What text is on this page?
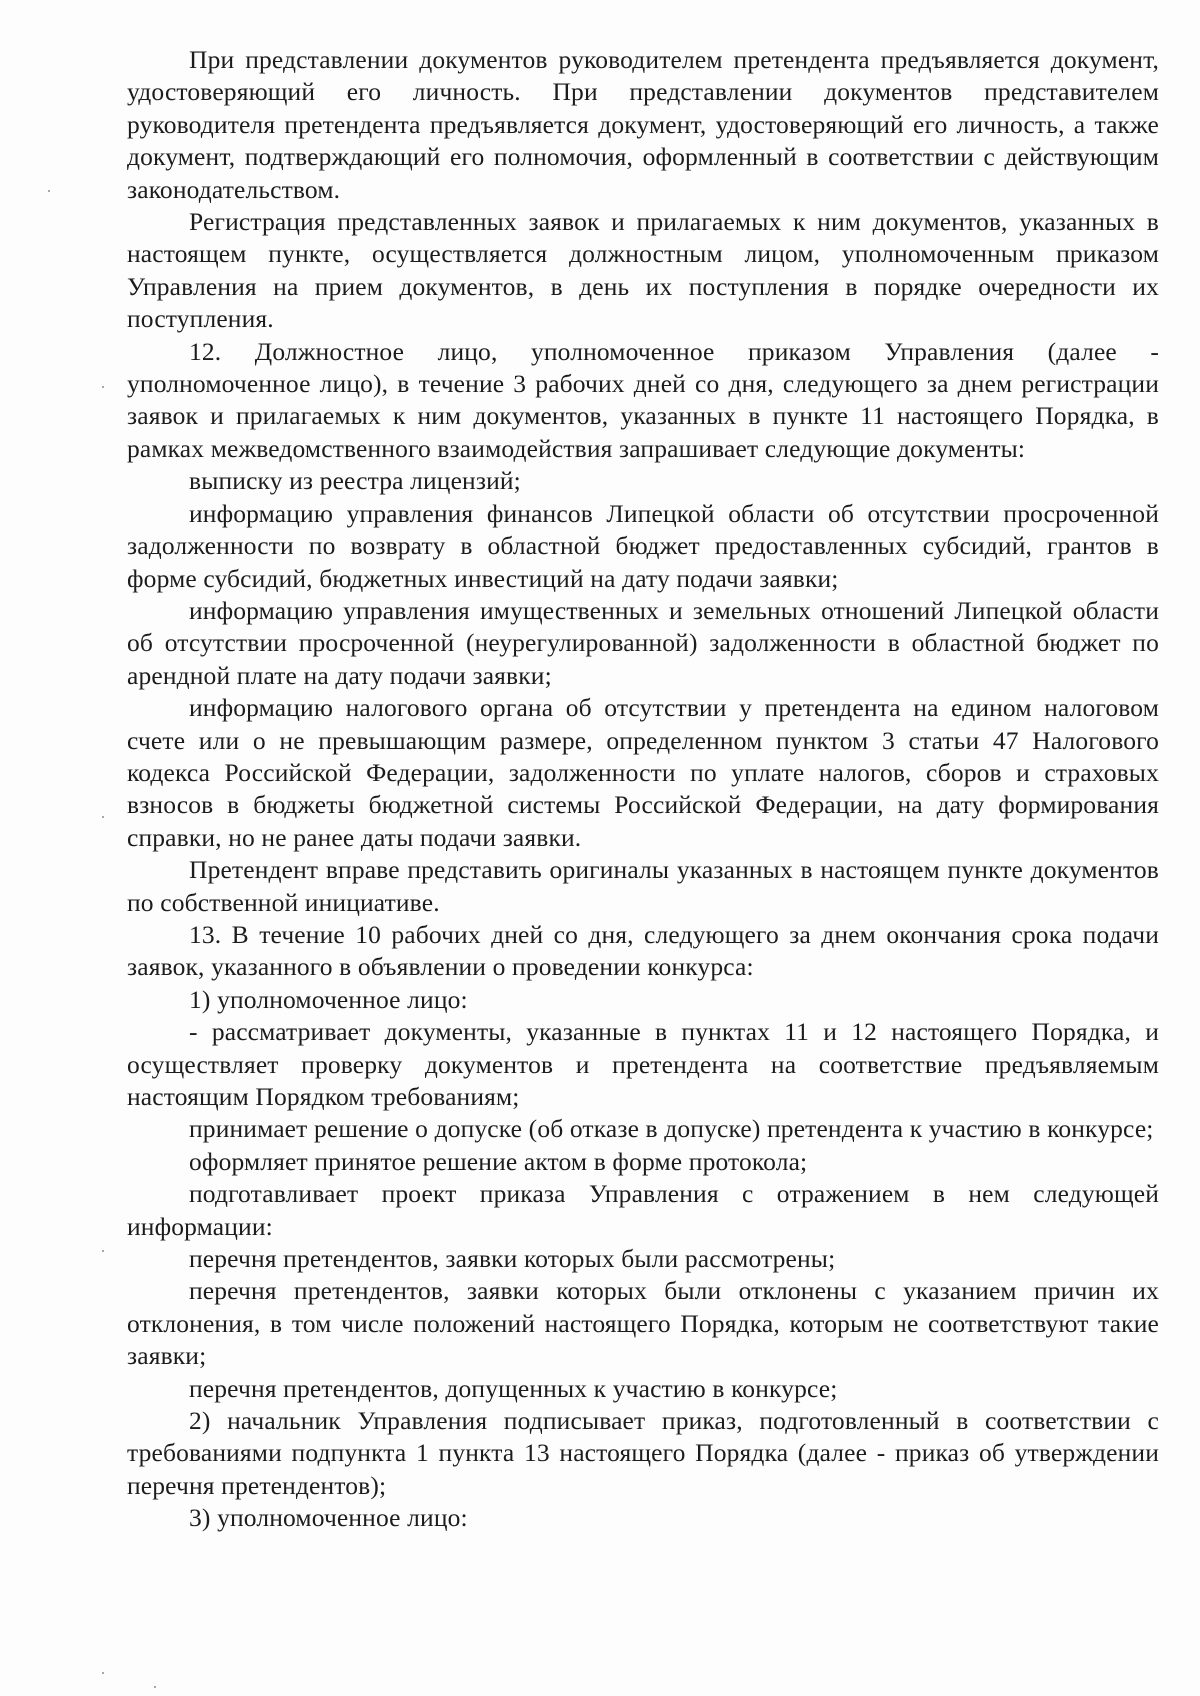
При представлении документов руководителем претендента предъявляется документ, удостоверяющий его личность. При представлении документов представителем руководителя претендента предъявляется документ, удостоверяющий его личность, а также документ, подтверждающий его полномочия, оформленный в соответствии с действующим законодательством.

Регистрация представленных заявок и прилагаемых к ним документов, указанных в настоящем пункте, осуществляется должностным лицом, уполномоченным приказом Управления на прием документов, в день их поступления в порядке очередности их поступления.

12. Должностное лицо, уполномоченное приказом Управления (далее - уполномоченное лицо), в течение 3 рабочих дней со дня, следующего за днем регистрации заявок и прилагаемых к ним документов, указанных в пункте 11 настоящего Порядка, в рамках межведомственного взаимодействия запрашивает следующие документы:

выписку из реестра лицензий;

информацию управления финансов Липецкой области об отсутствии просроченной задолженности по возврату в областной бюджет предоставленных субсидий, грантов в форме субсидий, бюджетных инвестиций на дату подачи заявки;

информацию управления имущественных и земельных отношений Липецкой области об отсутствии просроченной (неурегулированной) задолженности в областной бюджет по арендной плате на дату подачи заявки;

информацию налогового органа об отсутствии у претендента на едином налоговом счете или о не превышающим размере, определенном пунктом 3 статьи 47 Налогового кодекса Российской Федерации, задолженности по уплате налогов, сборов и страховых взносов в бюджеты бюджетной системы Российской Федерации, на дату формирования справки, но не ранее даты подачи заявки.

Претендент вправе представить оригиналы указанных в настоящем пункте документов по собственной инициативе.

13. В течение 10 рабочих дней со дня, следующего за днем окончания срока подачи заявок, указанного в объявлении о проведении конкурса:

1) уполномоченное лицо:

- рассматривает документы, указанные в пунктах 11 и 12 настоящего Порядка, и осуществляет проверку документов и претендента на соответствие предъявляемым настоящим Порядком требованиям;

принимает решение о допуске (об отказе в допуске) претендента к участию в конкурсе;

оформляет принятое решение актом в форме протокола;

подготавливает проект приказа Управления с отражением в нем следующей информации:

перечня претендентов, заявки которых были рассмотрены;

перечня претендентов, заявки которых были отклонены с указанием причин их отклонения, в том числе положений настоящего Порядка, которым не соответствуют такие заявки;

перечня претендентов, допущенных к участию в конкурсе;

2) начальник Управления подписывает приказ, подготовленный в соответствии с требованиями подпункта 1 пункта 13 настоящего Порядка (далее - приказ об утверждении перечня претендентов);

3) уполномоченное лицо:
